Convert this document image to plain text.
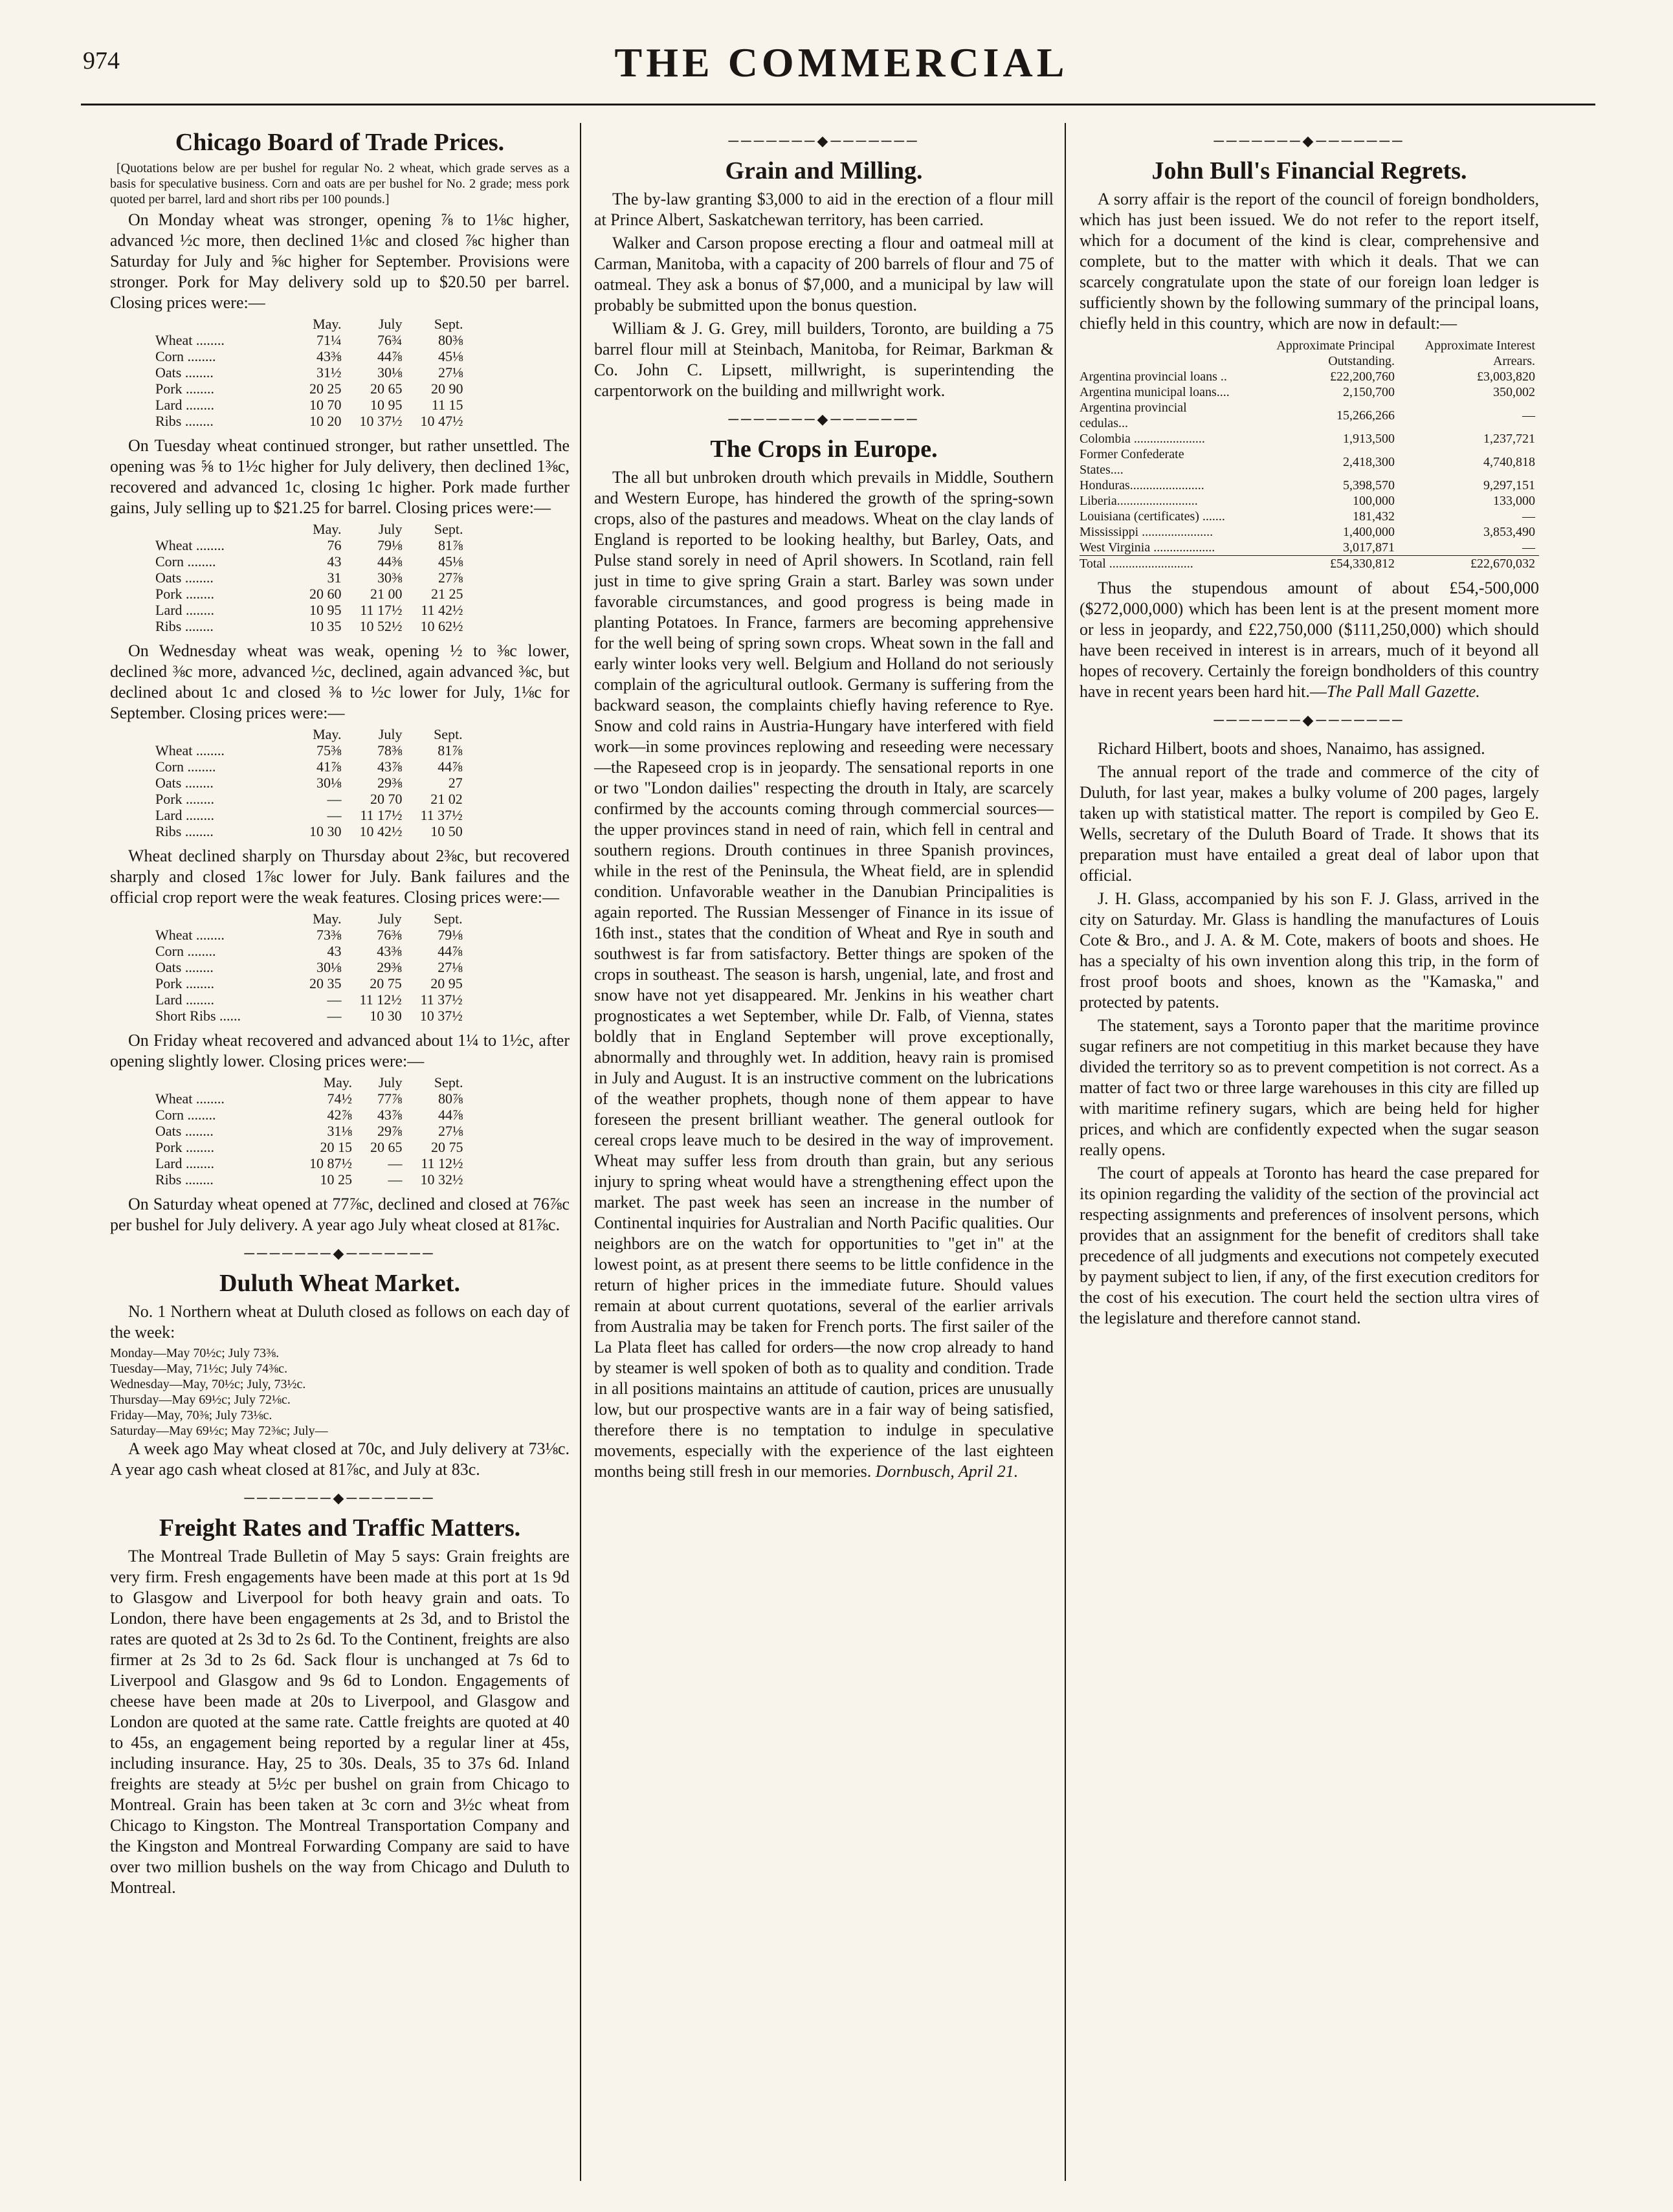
974	THE COMMERCIAL
Chicago Board of Trade Prices.

[Quotations below are per bushel for regular No. 2 wheat, which grade serves as a basis for speculative business. Corn and oats are per bushel for No. 2 grade; mess pork quoted per barrel, lard and short ribs per 100 pounds.]

On Monday wheat was stronger, opening ⅞ to 1⅛c higher, advanced ½c more, then declined 1⅛c and closed ⅞c higher than Saturday for July and ⅝c higher for September. Provisions were stronger. Pork for May delivery sold up to $20.50 per barrel. Closing prices were:—

	May.	July	Sept.
Wheat ........	71¼	76¾	80⅜
Corn ........	43⅜	44⅞	45⅛
Oats ........	31½	30⅛	27⅛
Pork ........	20 25	20 65	20 90
Lard ........	10 70	10 95	11 15
Ribs ........	10 20	10 37½	10 47½

On Tuesday wheat continued stronger, but rather unsettled. The opening was ⅝ to 1½c higher for July delivery, then declined 1⅜c, recovered and advanced 1c, closing 1c higher. Pork made further gains, July selling up to $21.25 for barrel. Closing prices were:—

	May.	July	Sept.
Wheat ........	76	79⅛	81⅞
Corn ........	43	44⅜	45⅛
Oats ........	31	30⅜	27⅞
Pork ........	20 60	21 00	21 25
Lard ........	10 95	11 17½	11 42½
Ribs ........	10 35	10 52½	10 62½

On Wednesday wheat was weak, opening ½ to ⅜c lower, declined ⅜c more, advanced ½c, declined, again advanced ⅜c, but declined about 1c and closed ⅜ to ½c lower for July, 1⅛c for September. Closing prices were:—

	May.	July	Sept.
Wheat ........	75⅜	78⅜	81⅞
Corn ........	41⅞	43⅞	44⅞
Oats ........	30⅛	29⅜	27
Pork ........	—	20 70	21 02
Lard ........	—	11 17½	11 37½
Ribs ........	10 30	10 42½	10 50

Wheat declined sharply on Thursday about 2⅜c, but recovered sharply and closed 1⅞c lower for July. Bank failures and the official crop report were the weak features. Closing prices were:—

	May.	July	Sept.
Wheat ........	73⅜	76⅜	79⅛
Corn ........	43	43⅜	44⅞
Oats ........	30⅛	29⅜	27⅛
Pork ........	20 35	20 75	20 95
Lard ........	—	11 12½	11 37½
Short Ribs ......	—	10 30	10 37½

On Friday wheat recovered and advanced about 1¼ to 1½c, after opening slightly lower. Closing prices were:—

	May.	July	Sept.
Wheat ........	74½	77⅞	80⅞
Corn ........	42⅞	43⅞	44⅞
Oats ........	31⅛	29⅞	27⅛
Pork ........	20 15	20 65	20 75
Lard ........	10 87½	—	11 12½
Ribs ........	10 25	—	10 32½

On Saturday wheat opened at 77⅞c, declined and closed at 76⅞c per bushel for July delivery. A year ago July wheat closed at 81⅞c.

───────◆───────
Duluth Wheat Market.

No. 1 Northern wheat at Duluth closed as follows on each day of the week:

Monday—May 70½c; July 73⅜.
Tuesday—May, 71½c; July 74⅜c.
Wednesday—May, 70½c; July, 73½c.
Thursday—May 69½c; July 72⅛c.
Friday—May, 70⅜; July 73⅛c.
Saturday—May 69½c; May 72⅜c; July—

A week ago May wheat closed at 70c, and July delivery at 73⅛c. A year ago cash wheat closed at 81⅞c, and July at 83c.

───────◆───────
Freight Rates and Traffic Matters.

The Montreal Trade Bulletin of May 5 says: Grain freights are very firm. Fresh engagements have been made at this port at 1s 9d to Glasgow and Liverpool for both heavy grain and oats. To London, there have been engagements at 2s 3d, and to Bristol the rates are quoted at 2s 3d to 2s 6d. To the Continent, freights are also firmer at 2s 3d to 2s 6d. Sack flour is unchanged at 7s 6d to Liverpool and Glasgow and 9s 6d to London. Engagements of cheese have been made at 20s to Liverpool, and Glasgow and London are quoted at the same rate. Cattle freights are quoted at 40 to 45s, an engagement being reported by a regular liner at 45s, including insurance. Hay, 25 to 30s. Deals, 35 to 37s 6d. Inland freights are steady at 5½c per bushel on grain from Chicago to Montreal. Grain has been taken at 3c corn and 3½c wheat from Chicago to Kingston. The Montreal Transportation Company and the Kingston and Montreal Forwarding Company are said to have over two million bushels on the way from Chicago and Duluth to Montreal.

───────◆───────
Grain and Milling.

The by-law granting $3,000 to aid in the erection of a flour mill at Prince Albert, Saskatchewan territory, has been carried.

Walker and Carson propose erecting a flour and oatmeal mill at Carman, Manitoba, with a capacity of 200 barrels of flour and 75 of oatmeal. They ask a bonus of $7,000, and a municipal by law will probably be submitted upon the bonus question.

William & J. G. Grey, mill builders, Toronto, are building a 75 barrel flour mill at Steinbach, Manitoba, for Reimar, Barkman & Co. John C. Lipsett, millwright, is superintending the carpentorwork on the building and millwright work.

───────◆───────
The Crops in Europe.

The all but unbroken drouth which prevails in Middle, Southern and Western Europe, has hindered the growth of the spring-sown crops, also of the pastures and meadows. Wheat on the clay lands of England is reported to be looking healthy, but Barley, Oats, and Pulse stand sorely in need of April showers. In Scotland, rain fell just in time to give spring Grain a start. Barley was sown under favorable circumstances, and good progress is being made in planting Potatoes. In France, farmers are becoming apprehensive for the well being of spring sown crops. Wheat sown in the fall and early winter looks very well. Belgium and Holland do not seriously complain of the agricultural outlook. Germany is suffering from the backward season, the complaints chiefly having reference to Rye. Snow and cold rains in Austria-Hungary have interfered with field work—in some provinces replowing and reseeding were necessary—the Rapeseed crop is in jeopardy. The sensational reports in one or two "London dailies" respecting the drouth in Italy, are scarcely confirmed by the accounts coming through commercial sources—the upper provinces stand in need of rain, which fell in central and southern regions. Drouth continues in three Spanish provinces, while in the rest of the Peninsula, the Wheat field, are in splendid condition. Unfavorable weather in the Danubian Principalities is again reported. The Russian Messenger of Finance in its issue of 16th inst., states that the condition of Wheat and Rye in south and southwest is far from satisfactory. Better things are spoken of the crops in southeast. The season is harsh, ungenial, late, and frost and snow have not yet disappeared. Mr. Jenkins in his weather chart prognosticates a wet September, while Dr. Falb, of Vienna, states boldly that in England September will prove exceptionally, abnormally and throughly wet. In addition, heavy rain is promised in July and August. It is an instructive comment on the lubrications of the weather prophets, though none of them appear to have foreseen the present brilliant weather. The general outlook for cereal crops leave much to be desired in the way of improvement. Wheat may suffer less from drouth than grain, but any serious injury to spring wheat would have a strengthening effect upon the market. The past week has seen an increase in the number of Continental inquiries for Australian and North Pacific qualities. Our neighbors are on the watch for opportunities to "get in" at the lowest point, as at present there seems to be little confidence in the return of higher prices in the immediate future. Should values remain at about current quotations, several of the earlier arrivals from Australia may be taken for French ports. The first sailer of the La Plata fleet has called for orders—the now crop already to hand by steamer is well spoken of both as to quality and condition. Trade in all positions maintains an attitude of caution, prices are unusually low, but our prospective wants are in a fair way of being satisfied, therefore there is no temptation to indulge in speculative movements, especially with the experience of the last eighteen months being still fresh in our memories. Dornbusch, April 21.

───────◆───────
John Bull's Financial Regrets.

A sorry affair is the report of the council of foreign bondholders, which has just been issued. We do not refer to the report itself, which for a document of the kind is clear, comprehensive and complete, but to the matter with which it deals. That we can scarcely congratulate upon the state of our foreign loan ledger is sufficiently shown by the following summary of the principal loans, chiefly held in this country, which are now in default:—

	Approximate Principal Outstanding.	Approximate Interest Arrears.
Argentina provincial loans ..	£22,200,760	£3,003,820
Argentina municipal loans....	2,150,700	350,002
Argentina provincial cedulas...	15,266,266	—
Colombia ......................	1,913,500	1,237,721
Former Confederate States....	2,418,300	4,740,818
Honduras.......................	5,398,570	9,297,151
Liberia.........................	100,000	133,000
Louisiana (certificates) .......	181,432	—
Mississippi ......................	1,400,000	3,853,490
West Virginia ...................	3,017,871	—
Total ..........................	£54,330,812	£22,670,032

Thus the stupendous amount of about £54,-500,000 ($272,000,000) which has been lent is at the present moment more or less in jeopardy, and £22,750,000 ($111,250,000) which should have been received in interest is in arrears, much of it beyond all hopes of recovery. Certainly the foreign bondholders of this country have in recent years been hard hit.—The Pall Mall Gazette.

───────◆───────

Richard Hilbert, boots and shoes, Nanaimo, has assigned.

The annual report of the trade and commerce of the city of Duluth, for last year, makes a bulky volume of 200 pages, largely taken up with statistical matter. The report is compiled by Geo E. Wells, secretary of the Duluth Board of Trade. It shows that its preparation must have entailed a great deal of labor upon that official.

J. H. Glass, accompanied by his son F. J. Glass, arrived in the city on Saturday. Mr. Glass is handling the manufactures of Louis Cote & Bro., and J. A. & M. Cote, makers of boots and shoes. He has a specialty of his own invention along this trip, in the form of frost proof boots and shoes, known as the "Kamaska," and protected by patents.

The statement, says a Toronto paper that the maritime province sugar refiners are not competitiug in this market because they have divided the territory so as to prevent competition is not correct. As a matter of fact two or three large warehouses in this city are filled up with maritime refinery sugars, which are being held for higher prices, and which are confidently expected when the sugar season really opens.

The court of appeals at Toronto has heard the case prepared for its opinion regarding the validity of the section of the provincial act respecting assignments and preferences of insolvent persons, which provides that an assignment for the benefit of creditors shall take precedence of all judgments and executions not competely executed by payment subject to lien, if any, of the first execution creditors for the cost of his execution. The court held the section ultra vires of the legislature and therefore cannot stand.
